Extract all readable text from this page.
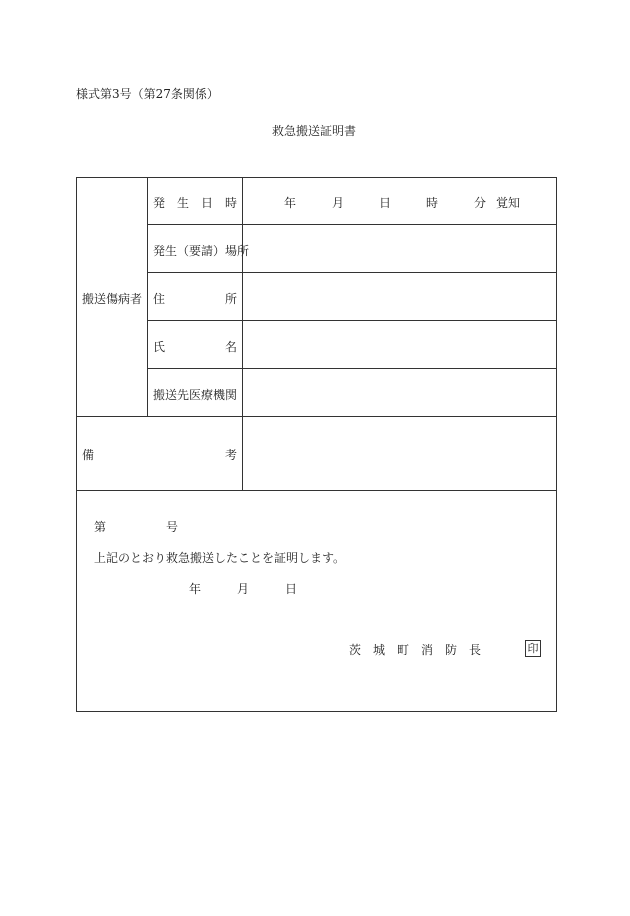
様式第3号（第27条関係）
救急搬送証明書
搬送傷病者
発　生　日　時	年	月	日	時	分 覚知
発生（要請）場所
住	所
氏	名
搬送先医療機関
備	考
第	号
上記のとおり救急搬送したことを証明します。
年	月	日
茨　城　町　消　防　長	印
